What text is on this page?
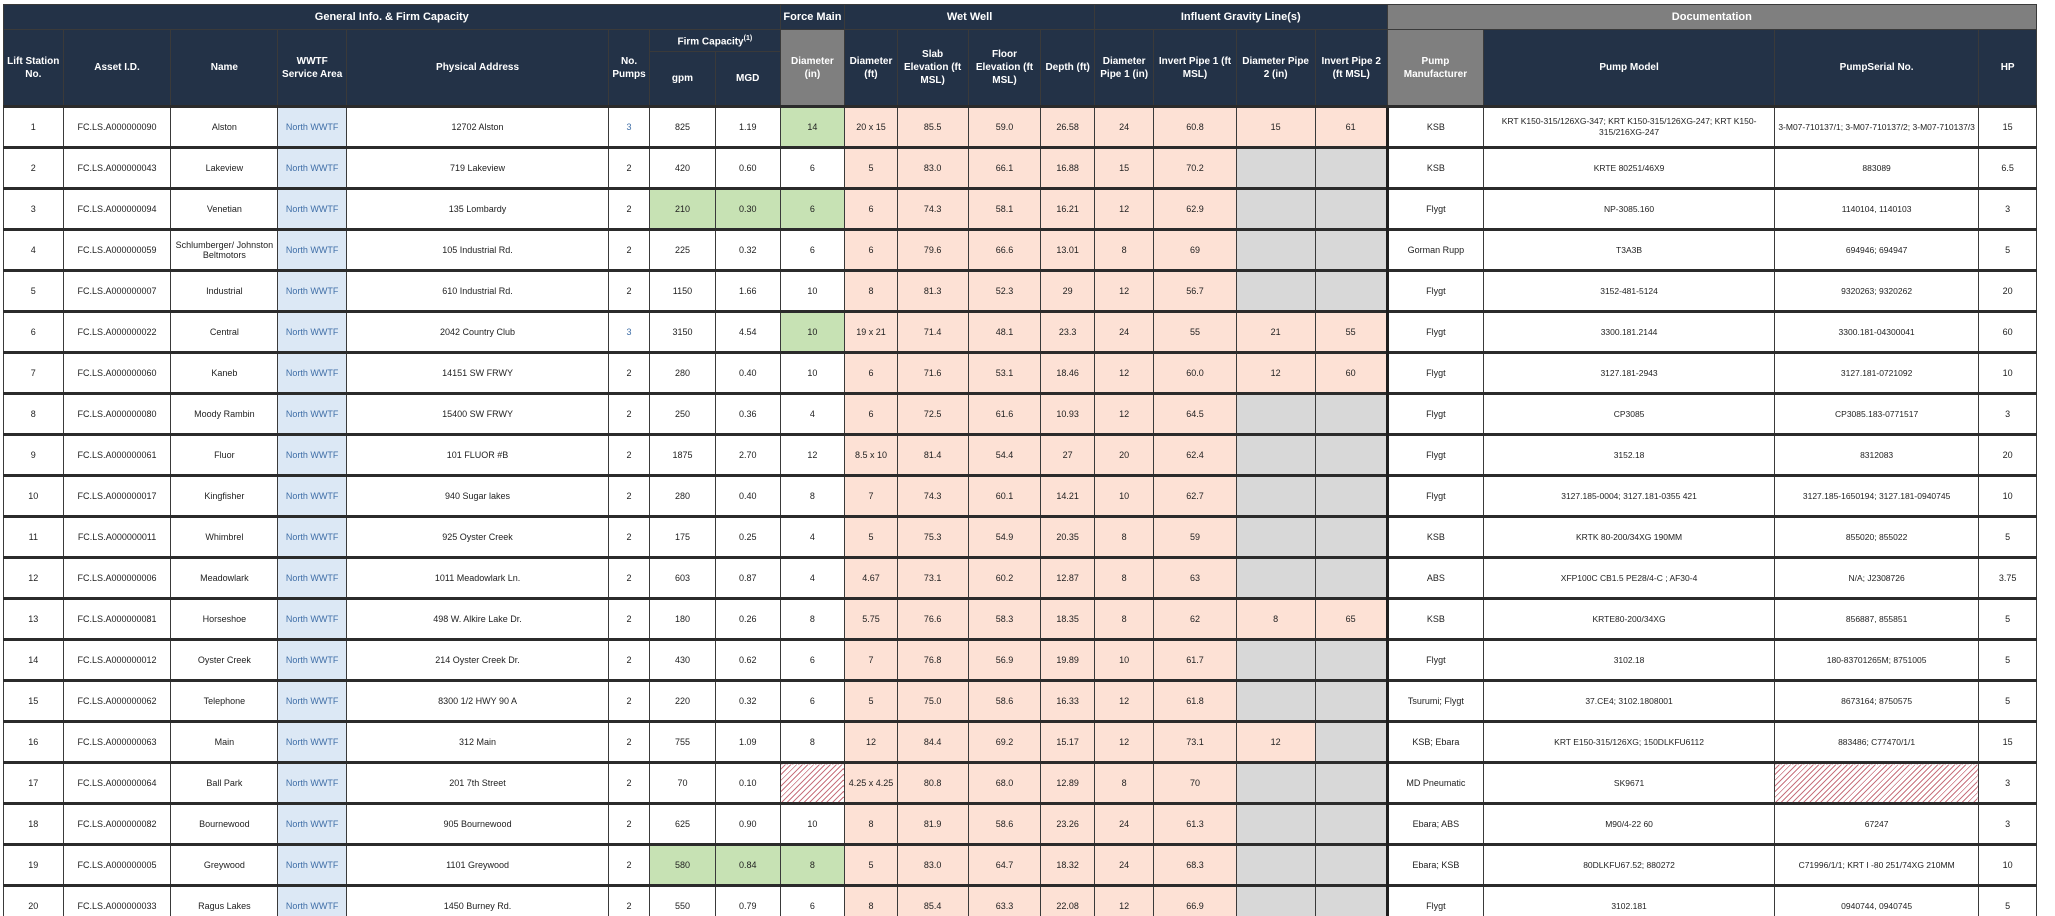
General Info. & Firm Capacity								Force Main	Wet Well				Influent Gravity Line(s)				Documentation			
Lift Station No.	Asset I.D.	Name	WWTF Service Area	Physical Address	No. Pumps	Firm Capacity$^{(1)}$		Diameter (in)	Diameter (ft)	Slab Elevation (ft MSL)	Floor Elevation (ft MSL)	Depth (ft)	Diameter Pipe 1 (in)	Invert Pipe 1 (ft MSL)	Diameter Pipe 2 (in)	Invert Pipe 2 (ft MSL)	Pump Manufacturer	Pump Model	PumpSerial No.	HP
						gpm	MGD													
1	FC.LS.A000000090	Alston	North WWTF	12702 Alston	3	825	1.19	14	20 x 15	85.5	59.0	26.58	24	60.8	15	61	KSB	KRT K150-315/126XG-347; KRT K150-315/126XG-247; KRT K150-315/216XG-247	3-M07-710137/1; 3-M07-710137/2; 3-M07-710137/3	15
2	FC.LS.A000000043	Lakeview	North WWTF	719 Lakeview	2	420	0.60	6	5	83.0	66.1	16.88	15	70.2			KSB	KRTE 80251/46X9	883089	6.5
3	FC.LS.A000000094	Venetian	North WWTF	135 Lombardy	2	210	0.30	6	6	74.3	58.1	16.21	12	62.9			Flygt	NP-3085.160	1140104, 1140103	3
4	FC.LS.A000000059	Schlumberger/ Johnston Beltmotors	North WWTF	105 Industrial Rd.	2	225	0.32	6	6	79.6	66.6	13.01	8	69			Gorman Rupp	T3A3B	694946; 694947	5
5	FC.LS.A000000007	Industrial	North WWTF	610 Industrial Rd.	2	1150	1.66	10	8	81.3	52.3	29	12	56.7			Flygt	3152-481-5124	9320263; 9320262	20
6	FC.LS.A000000022	Central	North WWTF	2042 Country Club	3	3150	4.54	10	19 x 21	71.4	48.1	23.3	24	55	21	55	Flygt	3300.181.2144	3300.181-04300041	60
7	FC.LS.A000000060	Kaneb	North WWTF	14151 SW FRWY	2	280	0.40	10	6	71.6	53.1	18.46	12	60.0	12	60	Flygt	3127.181-2943	3127.181-0721092	10
8	FC.LS.A000000080	Moody Rambin	North WWTF	15400 SW FRWY	2	250	0.36	4	6	72.5	61.6	10.93	12	64.5			Flygt	CP3085	CP3085.183-0771517	3
9	FC.LS.A000000061	Fluor	North WWTF	101 FLUOR #B	2	1875	2.70	12	8.5 x 10	81.4	54.4	27	20	62.4			Flygt	3152.18	8312083	20
10	FC.LS.A000000017	Kingfisher	North WWTF	940 Sugar lakes	2	280	0.40	8	7	74.3	60.1	14.21	10	62.7			Flygt	3127.185-0004; 3127.181-0355 421	3127.185-1650194; 3127.181-0940745	10
11	FC.LS.A000000011	Whimbrel	North WWTF	925 Oyster Creek	2	175	0.25	4	5	75.3	54.9	20.35	8	59			KSB	KRTK 80-200/34XG 190MM	855020; 855022	5
12	FC.LS.A000000006	Meadowlark	North WWTF	1011 Meadowlark Ln.	2	603	0.87	4	4.67	73.1	60.2	12.87	8	63			ABS	XFP100C CB1.5 PE28/4-C ; AF30-4	N/A; J2308726	3.75
13	FC.LS.A000000081	Horseshoe	North WWTF	498 W. Alkire Lake Dr.	2	180	0.26	8	5.75	76.6	58.3	18.35	8	62	8	65	KSB	KRTE80-200/34XG	856887, 855851	5
14	FC.LS.A000000012	Oyster Creek	North WWTF	214 Oyster Creek Dr.	2	430	0.62	6	7	76.8	56.9	19.89	10	61.7			Flygt	3102.18	180-83701265M; 8751005	5
15	FC.LS.A000000062	Telephone	North WWTF	8300 1/2 HWY 90 A	2	220	0.32	6	5	75.0	58.6	16.33	12	61.8			Tsurumi; Flygt	37.CE4; 3102.1808001	8673164; 8750575	5
16	FC.LS.A000000063	Main	North WWTF	312 Main	2	755	1.09	8	12	84.4	69.2	15.17	12	73.1	12		KSB; Ebara	KRT E150-315/126XG; 150DLKFU6112	883486; C77470/1/1	15
17	FC.LS.A000000064	Ball Park	North WWTF	201 7th Street	2	70	0.10		4.25 x 4.25	80.8	68.0	12.89	8	70			MD Pneumatic	SK9671		3
18	FC.LS.A000000082	Bournewood	North WWTF	905 Bournewood	2	625	0.90	10	8	81.9	58.6	23.26	24	61.3			Ebara; ABS	M90/4-22 60	67247	3
19	FC.LS.A000000005	Greywood	North WWTF	1101 Greywood	2	580	0.84	8	5	83.0	64.7	18.32	24	68.3			Ebara; KSB	80DLKFU67.52; 880272	C71996/1/1; KRT I -80 251/74XG 210MM	10
20	FC.LS.A000000033	Ragus Lakes	North WWTF	1450 Burney Rd.	2	550	0.79	6	8	85.4	63.3	22.08	12	66.9			Flygt	3102.181	0940744, 0940745	5
